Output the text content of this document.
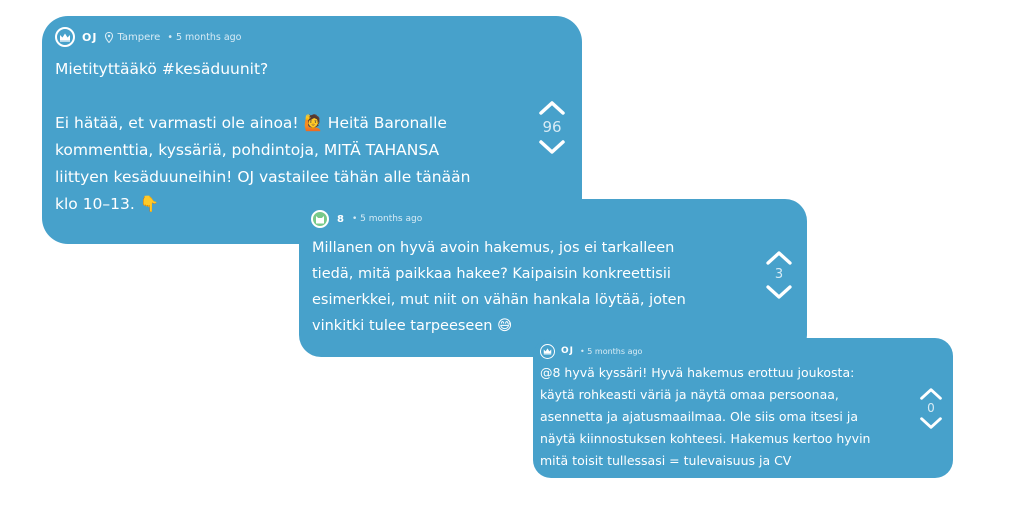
OJ Tampere • 5 months ago
Mietityttääkö #kesäduunit?
Ei hätää, et varmasti ole ainoa! 🙋 Heitä Baronalle
kommenttia, kyssäriä, pohdintoja, MITÄ TAHANSA
liittyen kesäduuneihin! OJ vastailee tähän alle tänään
klo 10–13. 👇
96
8 • 5 months ago
Millanen on hyvä avoin hakemus, jos ei tarkalleen
tiedä, mitä paikkaa hakee? Kaipaisin konkreettisii
esimerkkei, mut niit on vähän hankala löytää, joten
vinkitki tulee tarpeeseen 😅
3
OJ • 5 months ago
@8 hyvä kyssäri! Hyvä hakemus erottuu joukosta:
käytä rohkeasti väriä ja näytä omaa persoonaa,
asennetta ja ajatusmaailmaa. Ole siis oma itsesi ja
näytä kiinnostuksen kohteesi. Hakemus kertoo hyvin
mitä toisit tullessasi = tulevaisuus ja CV
0
